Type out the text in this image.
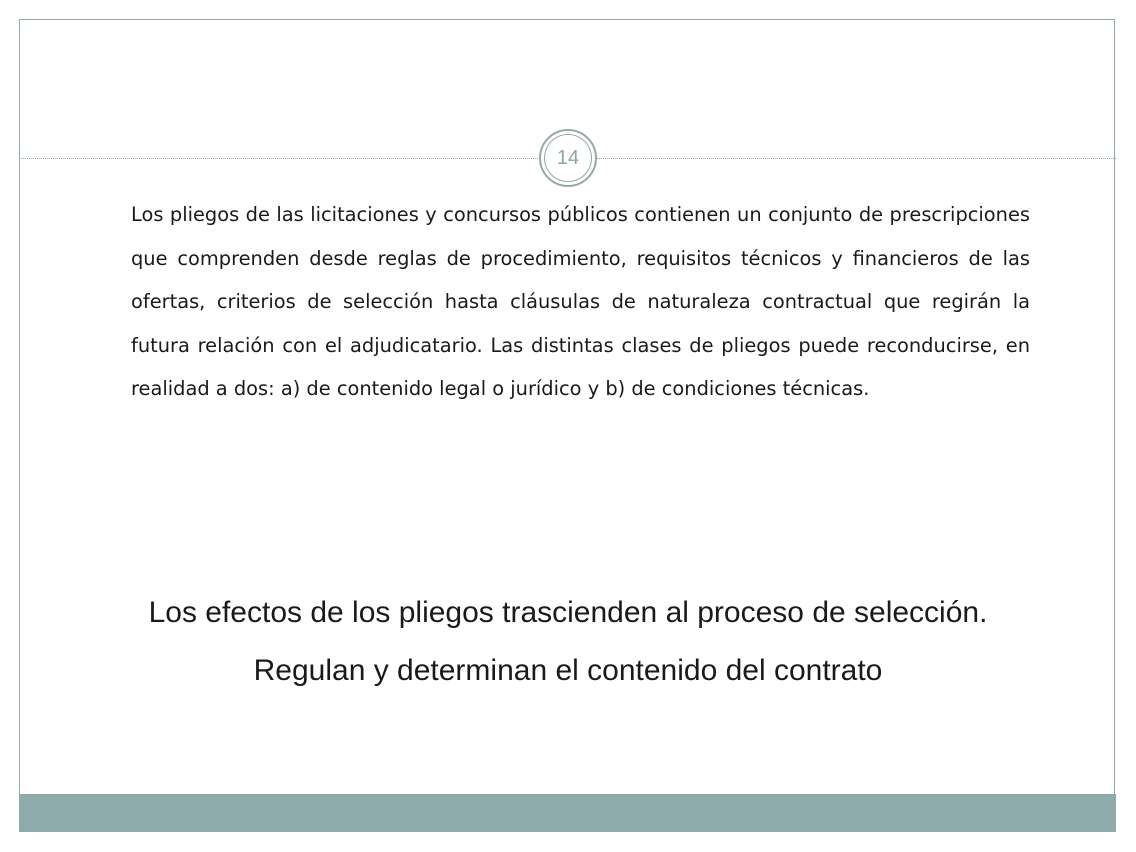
14

Los pliegos de las licitaciones y concursos públicos contienen un conjunto de prescripciones que comprenden desde reglas de procedimiento, requisitos técnicos y financieros de las ofertas, criterios de selección hasta cláusulas de naturaleza contractual que regirán la futura relación con el adjudicatario. Las distintas clases de pliegos puede reconducirse, en realidad a dos: a) de contenido legal o jurídico y b) de condiciones técnicas.

Los efectos de los pliegos trascienden al proceso de selección. Regulan y determinan el contenido del contrato
